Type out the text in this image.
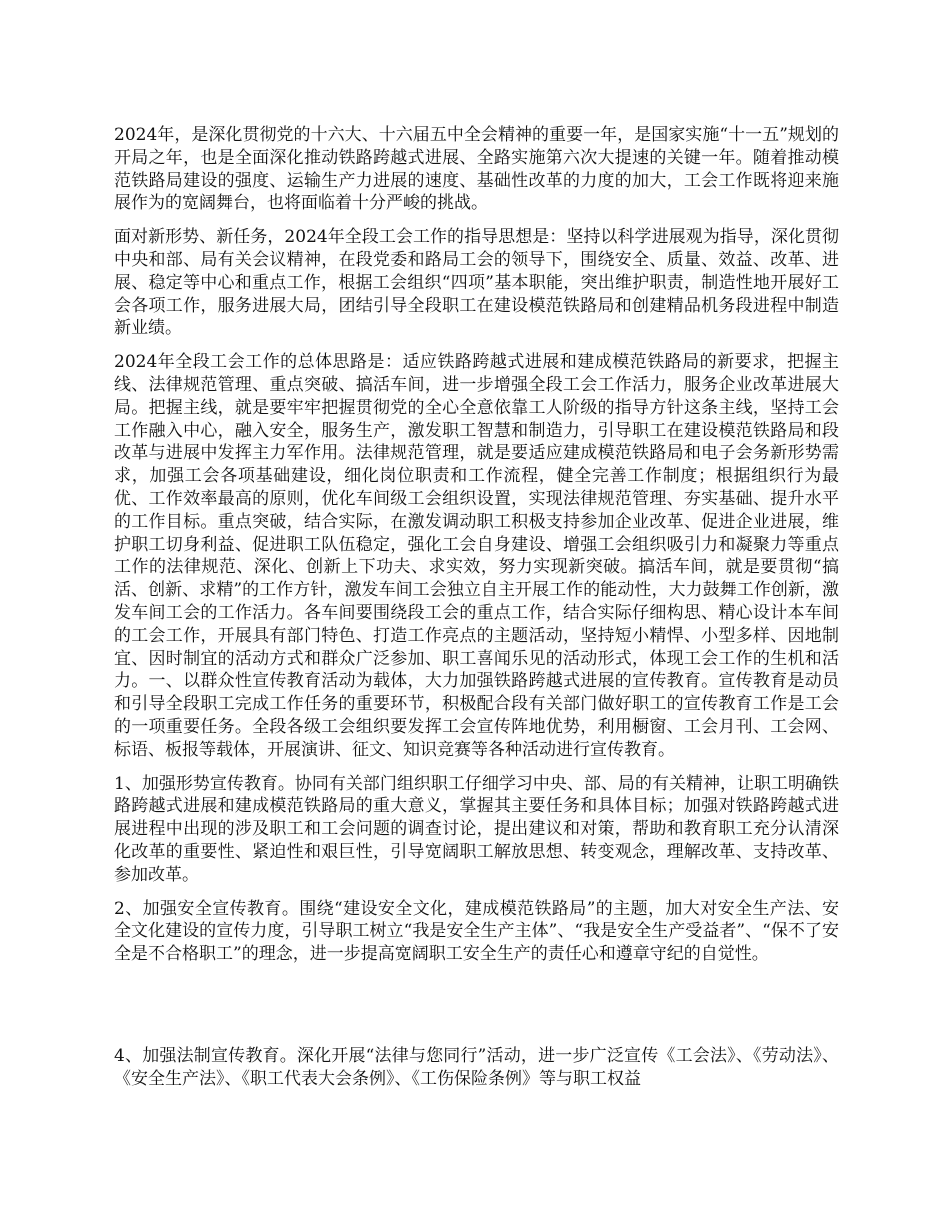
2024年，是深化贯彻党的十六大、十六届五中全会精神的重要一年，是国家实施“十一五”规划的开局之年，也是全面深化推动铁路跨越式进展、全路实施第六次大提速的关键一年。随着推动模范铁路局建设的强度、运输生产力进展的速度、基础性改革的力度的加大，工会工作既将迎来施展作为的宽阔舞台，也将面临着十分严峻的挑战。

面对新形势、新任务，2024年全段工会工作的指导思想是：坚持以科学进展观为指导，深化贯彻中央和部、局有关会议精神，在段党委和路局工会的领导下，围绕安全、质量、效益、改革、进展、稳定等中心和重点工作，根据工会组织“四项”基本职能，突出维护职责，制造性地开展好工会各项工作，服务进展大局，团结引导全段职工在建设模范铁路局和创建精品机务段进程中制造新业绩。

2024年全段工会工作的总体思路是：适应铁路跨越式进展和建成模范铁路局的新要求，把握主线、法律规范管理、重点突破、搞活车间，进一步增强全段工会工作活力，服务企业改革进展大局。把握主线，就是要牢牢把握贯彻党的全心全意依靠工人阶级的指导方针这条主线，坚持工会工作融入中心，融入安全，服务生产，激发职工智慧和制造力，引导职工在建设模范铁路局和段改革与进展中发挥主力军作用。法律规范管理，就是要适应建成模范铁路局和电子会务新形势需求，加强工会各项基础建设，细化岗位职责和工作流程，健全完善工作制度；根据组织行为最优、工作效率最高的原则，优化车间级工会组织设置，实现法律规范管理、夯实基础、提升水平的工作目标。重点突破，结合实际，在激发调动职工积极支持参加企业改革、促进企业进展，维护职工切身利益、促进职工队伍稳定，强化工会自身建设、增强工会组织吸引力和凝聚力等重点工作的法律规范、深化、创新上下功夫、求实效，努力实现新突破。搞活车间，就是要贯彻“搞活、创新、求精”的工作方针，激发车间工会独立自主开展工作的能动性，大力鼓舞工作创新，激发车间工会的工作活力。各车间要围绕段工会的重点工作，结合实际仔细构思、精心设计本车间的工会工作，开展具有部门特色、打造工作亮点的主题活动，坚持短小精悍、小型多样、因地制宜、因时制宜的活动方式和群众广泛参加、职工喜闻乐见的活动形式，体现工会工作的生机和活力。一、以群众性宣传教育活动为载体，大力加强铁路跨越式进展的宣传教育。宣传教育是动员和引导全段职工完成工作任务的重要环节，积极配合段有关部门做好职工的宣传教育工作是工会的一项重要任务。全段各级工会组织要发挥工会宣传阵地优势，利用橱窗、工会月刊、工会网、标语、板报等载体，开展演讲、征文、知识竞赛等各种活动进行宣传教育。

1、加强形势宣传教育。协同有关部门组织职工仔细学习中央、部、局的有关精神，让职工明确铁路跨越式进展和建成模范铁路局的重大意义，掌握其主要任务和具体目标；加强对铁路跨越式进展进程中出现的涉及职工和工会问题的调查讨论，提出建议和对策，帮助和教育职工充分认清深化改革的重要性、紧迫性和艰巨性，引导宽阔职工解放思想、转变观念，理解改革、支持改革、参加改革。

2、加强安全宣传教育。围绕“建设安全文化，建成模范铁路局”的主题，加大对安全生产法、安全文化建设的宣传力度，引导职工树立“我是安全生产主体”、“我是安全生产受益者”、“保不了安全是不合格职工”的理念，进一步提高宽阔职工安全生产的责任心和遵章守纪的自觉性。

4、加强法制宣传教育。深化开展“法律与您同行”活动，进一步广泛宣传《工会法》、《劳动法》、《安全生产法》、《职工代表大会条例》、《工伤保险条例》等与职工权益
